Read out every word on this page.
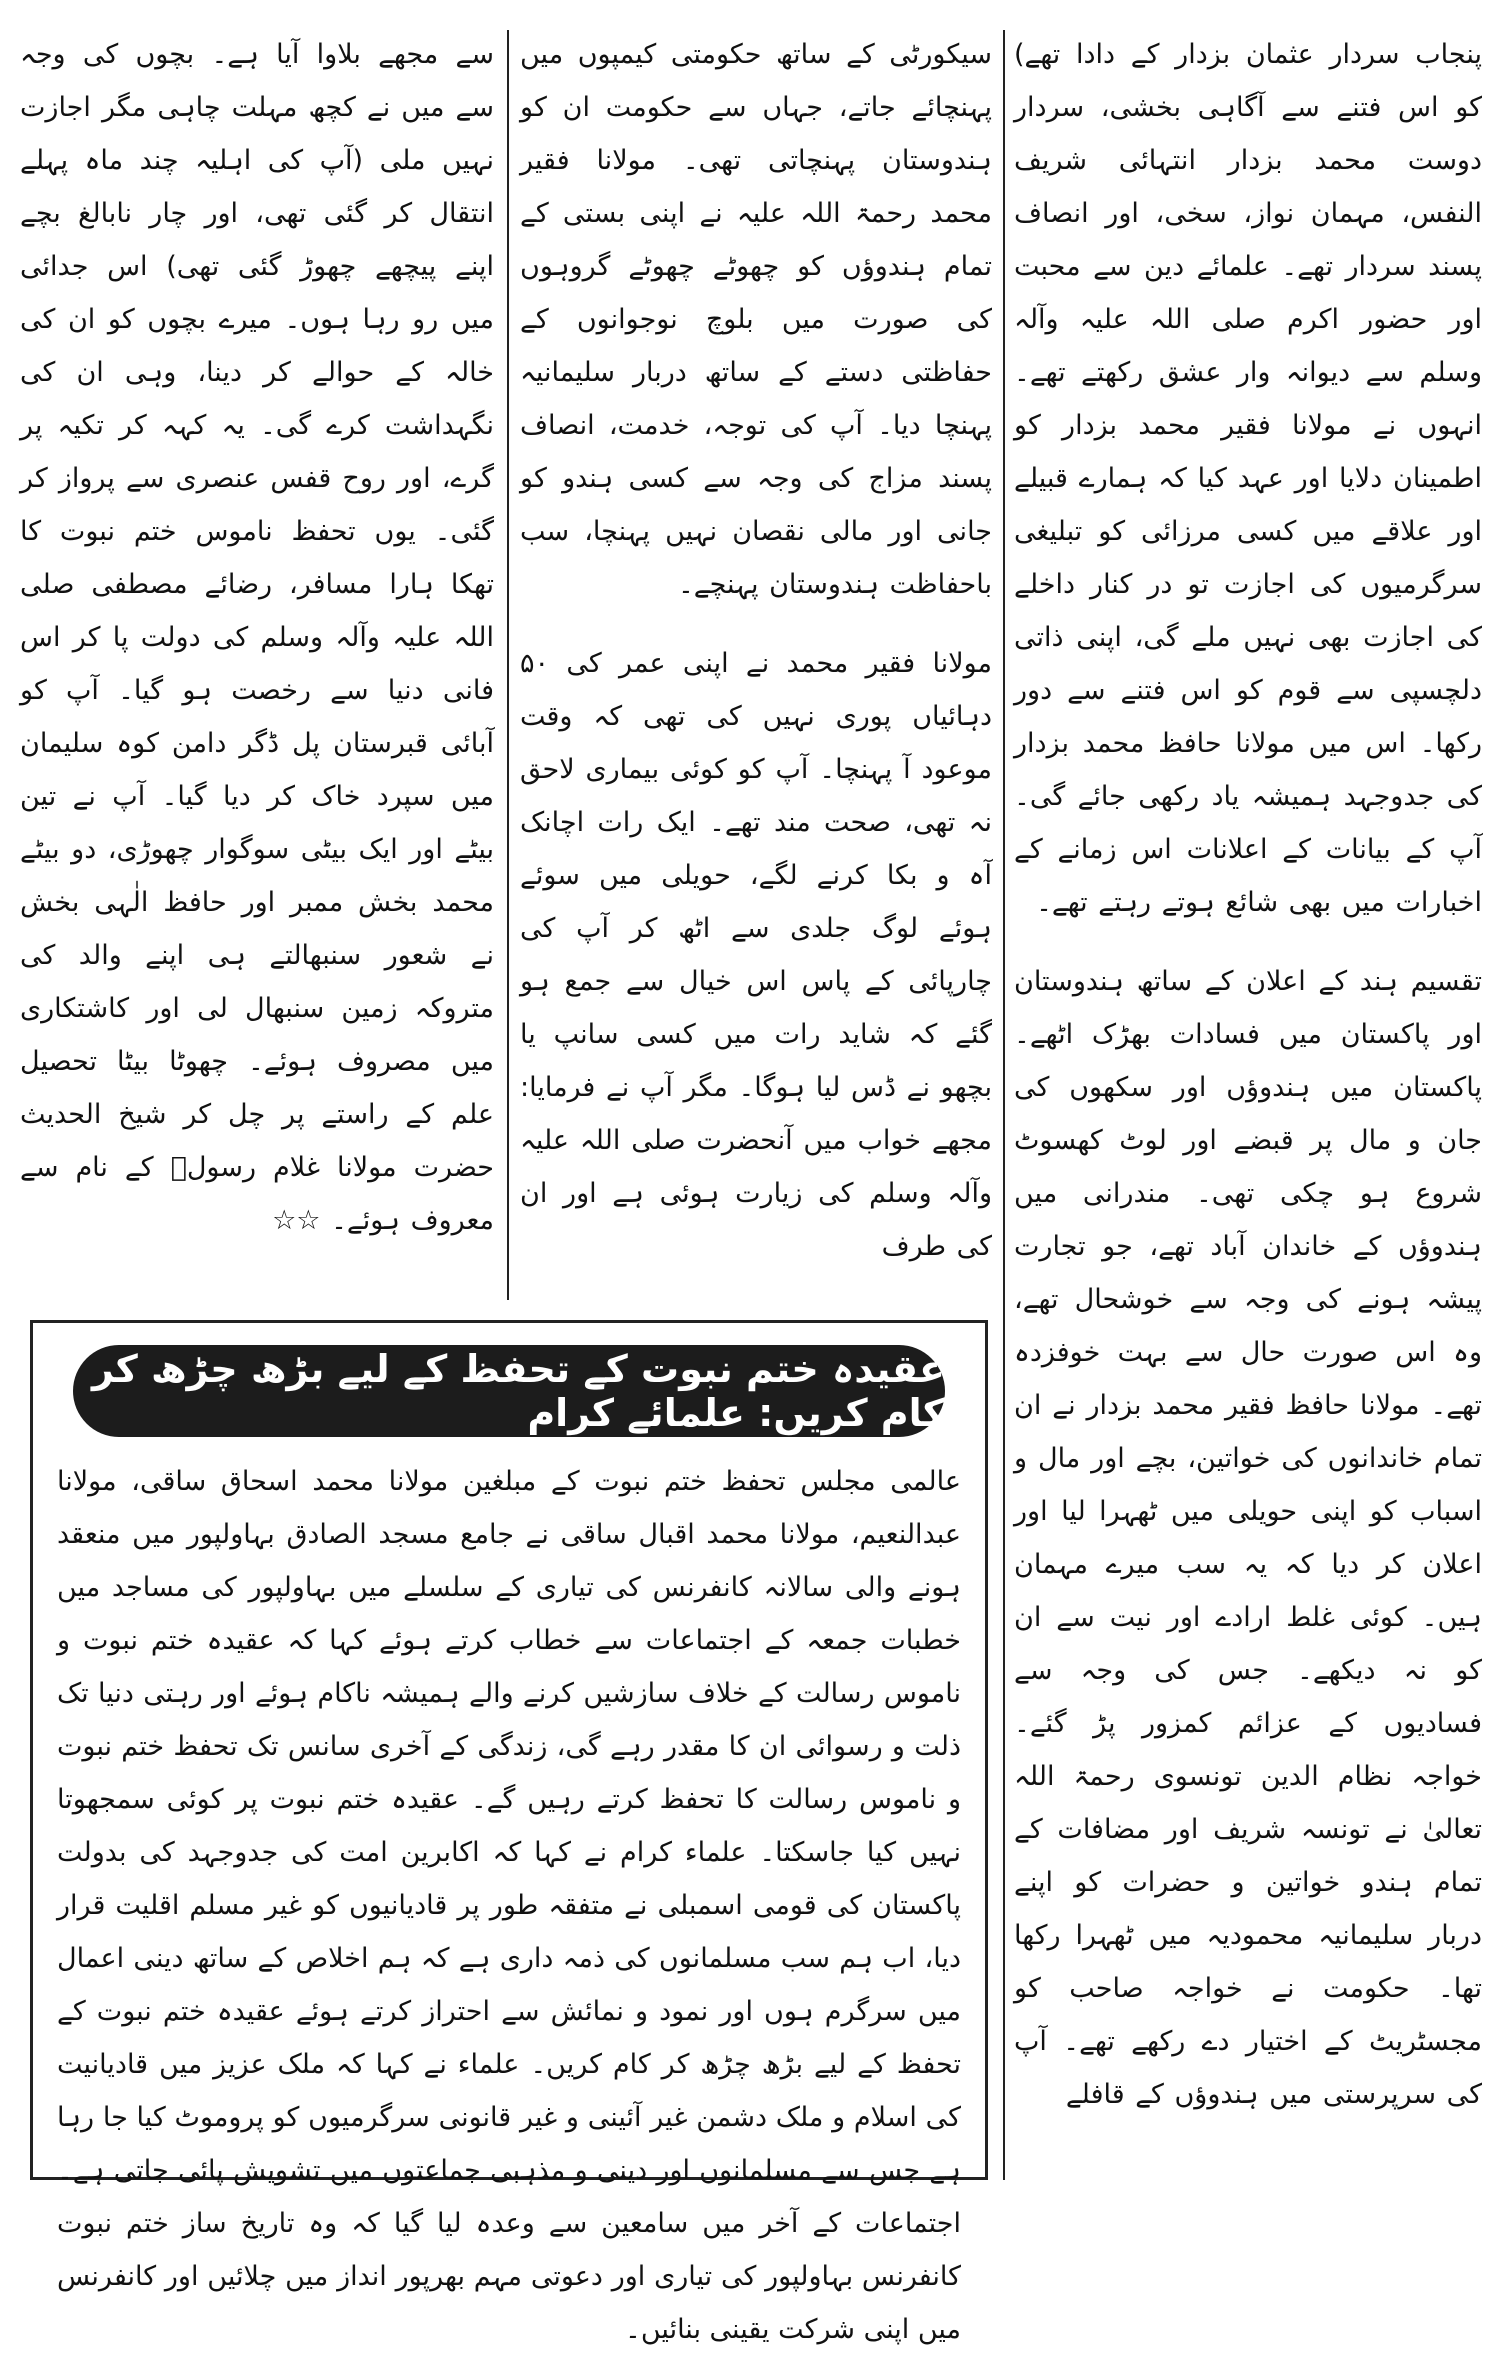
پنجاب سردار عثمان بزدار کے دادا تھے) کو اس فتنے سے آگاہی بخشی، سردار دوست محمد بزدار انتہائی شریف النفس، مہمان نواز، سخی، اور انصاف پسند سردار تھے۔ علمائے دین سے محبت اور حضور اکرم صلی اللہ علیہ وآلہ وسلم سے دیوانہ وار عشق رکھتے تھے۔ انہوں نے مولانا فقیر محمد بزدار کو اطمینان دلایا اور عہد کیا کہ ہمارے قبیلے اور علاقے میں کسی مرزائی کو تبلیغی سرگرمیوں کی اجازت تو در کنار داخلے کی اجازت بھی نہیں ملے گی، اپنی ذاتی دلچسپی سے قوم کو اس فتنے سے دور رکھا۔ اس میں مولانا حافظ محمد بزدار کی جدوجہد ہمیشہ یاد رکھی جائے گی۔ آپ کے بیانات کے اعلانات اس زمانے کے اخبارات میں بھی شائع ہوتے رہتے تھے۔

تقسیم ہند کے اعلان کے ساتھ ہندوستان اور پاکستان میں فسادات بھڑک اٹھے۔ پاکستان میں ہندوؤں اور سکھوں کی جان و مال پر قبضے اور لوٹ کھسوٹ شروع ہو چکی تھی۔ مندرانی میں ہندوؤں کے خاندان آباد تھے، جو تجارت پیشہ ہونے کی وجہ سے خوشحال تھے، وہ اس صورت حال سے بہت خوفزدہ تھے۔ مولانا حافظ فقیر محمد بزدار نے ان تمام خاندانوں کی خواتین، بچے اور مال و اسباب کو اپنی حویلی میں ٹھہرا لیا اور اعلان کر دیا کہ یہ سب میرے مہمان ہیں۔ کوئی غلط ارادے اور نیت سے ان کو نہ دیکھے۔ جس کی وجہ سے فسادیوں کے عزائم کمزور پڑ گئے۔ خواجہ نظام الدین تونسوی رحمۃ اللہ تعالیٰ نے تونسہ شریف اور مضافات کے تمام ہندو خواتین و حضرات کو اپنے دربار سلیمانیہ محمودیہ میں ٹھہرا رکھا تھا۔ حکومت نے خواجہ صاحب کو مجسٹریٹ کے اختیار دے رکھے تھے۔ آپ کی سرپرستی میں ہندوؤں کے قافلے

سیکورٹی کے ساتھ حکومتی کیمپوں میں پہنچائے جاتے، جہاں سے حکومت ان کو ہندوستان پہنچاتی تھی۔ مولانا فقیر محمد رحمۃ اللہ علیہ نے اپنی بستی کے تمام ہندوؤں کو چھوٹے چھوٹے گروہوں کی صورت میں بلوچ نوجوانوں کے حفاظتی دستے کے ساتھ دربار سلیمانیہ پہنچا دیا۔ آپ کی توجہ، خدمت، انصاف پسند مزاج کی وجہ سے کسی ہندو کو جانی اور مالی نقصان نہیں پہنچا، سب باحفاظت ہندوستان پہنچے۔

مولانا فقیر محمد نے اپنی عمر کی ۵۰ دہائیاں پوری نہیں کی تھی کہ وقت موعود آ پہنچا۔ آپ کو کوئی بیماری لاحق نہ تھی، صحت مند تھے۔ ایک رات اچانک آہ و بکا کرنے لگے، حویلی میں سوئے ہوئے لوگ جلدی سے اٹھ کر آپ کی چارپائی کے پاس اس خیال سے جمع ہو گئے کہ شاید رات میں کسی سانپ یا بچھو نے ڈس لیا ہوگا۔ مگر آپ نے فرمایا: مجھے خواب میں آنحضرت صلی اللہ علیہ وآلہ وسلم کی زیارت ہوئی ہے اور ان کی طرف

سے مجھے بلاوا آیا ہے۔ بچوں کی وجہ سے میں نے کچھ مہلت چاہی مگر اجازت نہیں ملی (آپ کی اہلیہ چند ماہ پہلے انتقال کر گئی تھی، اور چار نابالغ بچے اپنے پیچھے چھوڑ گئی تھی) اس جدائی میں رو رہا ہوں۔ میرے بچوں کو ان کی خالہ کے حوالے کر دینا، وہی ان کی نگہداشت کرے گی۔ یہ کہہ کر تکیہ پر گرے، اور روح قفس عنصری سے پرواز کر گئی۔ یوں تحفظ ناموس ختم نبوت کا تھکا ہارا مسافر، رضائے مصطفی صلی اللہ علیہ وآلہ وسلم کی دولت پا کر اس فانی دنیا سے رخصت ہو گیا۔ آپ کو آبائی قبرستان پل ڈگر دامن کوہ سلیمان میں سپرد خاک کر دیا گیا۔ آپ نے تین بیٹے اور ایک بیٹی سوگوار چھوڑی، دو بیٹے محمد بخش ممبر اور حافظ الٰہی بخش نے شعور سنبھالتے ہی اپنے والد کی متروکہ زمین سنبھال لی اور کاشتکاری میں مصروف ہوئے۔ چھوٹا بیٹا تحصیل علم کے راستے پر چل کر شیخ الحدیث حضرت مولانا غلام رسولؒ کے نام سے معروف ہوئے۔ ☆☆

عقیدہ ختم نبوت کے تحفظ کے لیے بڑھ چڑھ کر کام کریں: علمائے کرام

عالمی مجلس تحفظ ختم نبوت کے مبلغین مولانا محمد اسحاق ساقی، مولانا عبدالنعیم، مولانا محمد اقبال ساقی نے جامع مسجد الصادق بہاولپور میں منعقد ہونے والی سالانہ کانفرنس کی تیاری کے سلسلے میں بہاولپور کی مساجد میں خطبات جمعہ کے اجتماعات سے خطاب کرتے ہوئے کہا کہ عقیدہ ختم نبوت و ناموس رسالت کے خلاف سازشیں کرنے والے ہمیشہ ناکام ہوئے اور رہتی دنیا تک ذلت و رسوائی ان کا مقدر رہے گی، زندگی کے آخری سانس تک تحفظ ختم نبوت و ناموس رسالت کا تحفظ کرتے رہیں گے۔ عقیدہ ختم نبوت پر کوئی سمجھوتا نہیں کیا جاسکتا۔ علماء کرام نے کہا کہ اکابرین امت کی جدوجہد کی بدولت پاکستان کی قومی اسمبلی نے متفقہ طور پر قادیانیوں کو غیر مسلم اقلیت قرار دیا، اب ہم سب مسلمانوں کی ذمہ داری ہے کہ ہم اخلاص کے ساتھ دینی اعمال میں سرگرم ہوں اور نمود و نمائش سے احتراز کرتے ہوئے عقیدہ ختم نبوت کے تحفظ کے لیے بڑھ چڑھ کر کام کریں۔ علماء نے کہا کہ ملک عزیز میں قادیانیت کی اسلام و ملک دشمن غیر آئینی و غیر قانونی سرگرمیوں کو پروموٹ کیا جا رہا ہے جس سے مسلمانوں اور دینی و مذہبی جماعتوں میں تشویش پائی جاتی ہے۔ اجتماعات کے آخر میں سامعین سے وعدہ لیا گیا کہ وہ تاریخ ساز ختم نبوت کانفرنس بہاولپور کی تیاری اور دعوتی مہم بھرپور انداز میں چلائیں اور کانفرنس میں اپنی شرکت یقینی بنائیں۔
